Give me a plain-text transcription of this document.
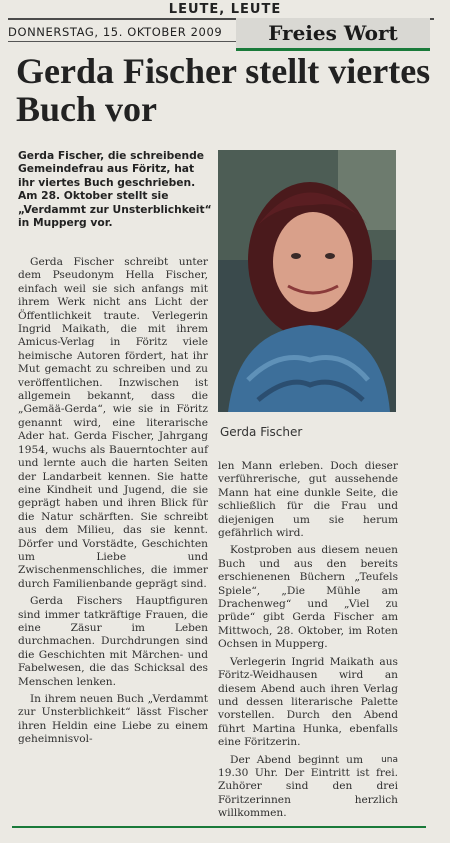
LEUTE, LEUTE
DONNERSTAG, 15. OKTOBER 2009	Freies Wort
Gerda Fischer stellt viertes Buch vor
Gerda Fischer, die schreibende Gemeindefrau aus Föritz, hat ihr viertes Buch geschrieben. Am 28. Oktober stellt sie „Verdammt zur Unsterblichkeit“ in Mupperg vor.
Gerda Fischer

Gerda Fischer schreibt unter dem Pseudonym Hella Fischer, einfach weil sie sich anfangs mit ihrem Werk nicht ans Licht der Öffentlichkeit traute. Verlegerin Ingrid Maikath, die mit ihrem Amicus-Verlag in Föritz viele heimische Autoren fördert, hat ihr Mut gemacht zu schreiben und zu veröffentlichen. Inzwischen ist allgemein bekannt, dass die „Gemää-Gerda“, wie sie in Föritz genannt wird, eine literarische Ader hat. Gerda Fischer, Jahrgang 1954, wuchs als Bauerntochter auf und lernte auch die harten Seiten der Landarbeit kennen. Sie hatte eine Kindheit und Jugend, die sie geprägt haben und ihren Blick für die Natur schärften. Sie schreibt aus dem Milieu, das sie kennt. Dörfer und Vorstädte, Geschichten um Liebe und Zwischenmenschliches, die immer durch Familienbande geprägt sind.

Gerda Fischers Hauptfiguren sind immer tatkräftige Frauen, die eine Zäsur im Leben durchmachen. Durchdrungen sind die Geschichten mit Märchen- und Fabelwesen, die das Schicksal des Menschen lenken.

In ihrem neuen Buch „Verdammt zur Unsterblichkeit“ lässt Fischer ihren Heldin eine Liebe zu einem geheimnisvol-

len Mann erleben. Doch dieser verführerische, gut aussehende Mann hat eine dunkle Seite, die schließlich für die Frau und diejenigen um sie herum gefährlich wird.

Kostproben aus diesem neuen Buch und aus den bereits erschienenen Büchern „Teufels Spiele“, „Die Mühle am Drachenweg“ und „Viel zu prüde“ gibt Gerda Fischer am Mittwoch, 28. Oktober, im Roten Ochsen in Mupperg.

Verlegerin Ingrid Maikath aus Föritz-Weidhausen wird an diesem Abend auch ihren Verlag und dessen literarische Palette vorstellen. Durch den Abend führt Martina Hunka, ebenfalls eine Föritzerin.

una
Der Abend beginnt um 19.30 Uhr. Der Eintritt ist frei. Zuhörer sind den drei Föritzerinnen herzlich willkommen.
